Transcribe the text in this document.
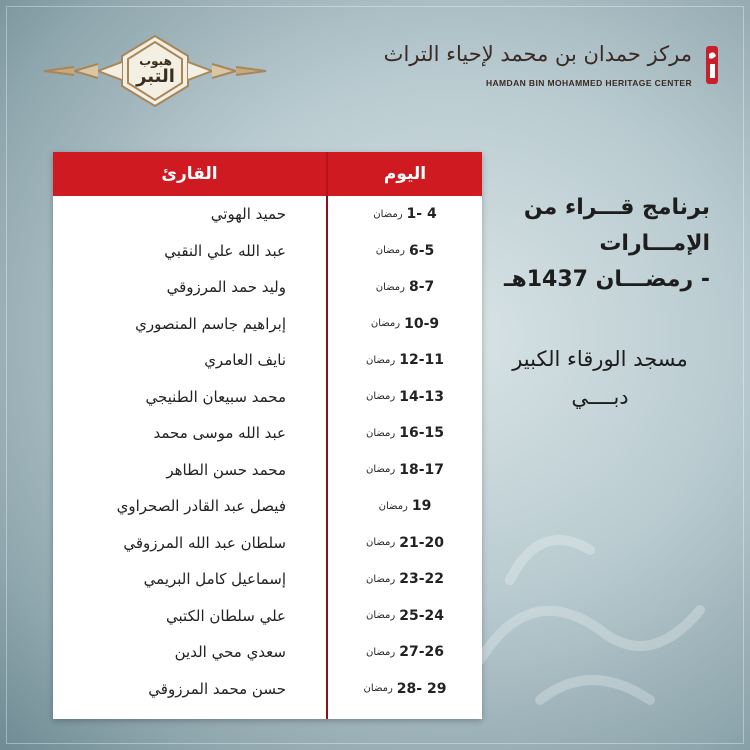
هبوب
التبر
مركز حمدان بن محمد لإحياء التراث
HAMDAN BIN MOHAMMED HERITAGE CENTER
اليوم
القارئ
1- 4
رمضان
حميد الهوتي
6-5
رمضان
عبد الله علي النقبي
8-7
رمضان
وليد حمد المرزوقي
10-9
رمضان
إبراهيم جاسم المنصوري
12-11
رمضان
نايف العامري
14-13
رمضان
محمد سبيعان الطنيجي
16-15
رمضان
عبد الله موسى محمد
18-17
رمضان
محمد حسن الطاهر
19
رمضان
فيصل عبد القادر الصحراوي
21-20
رمضان
سلطان عبد الله المرزوقي
23-22
رمضان
إسماعيل كامل البريمي
25-24
رمضان
علي سلطان الكتبي
27-26
رمضان
سعدي محي الدين
28- 29
رمضان
حسن محمد المرزوقي
برنامج قـــراء من
الإمـــارات
- رمضـــان 1437هـ
مسجد الورقاء الكبير
دبــــي
